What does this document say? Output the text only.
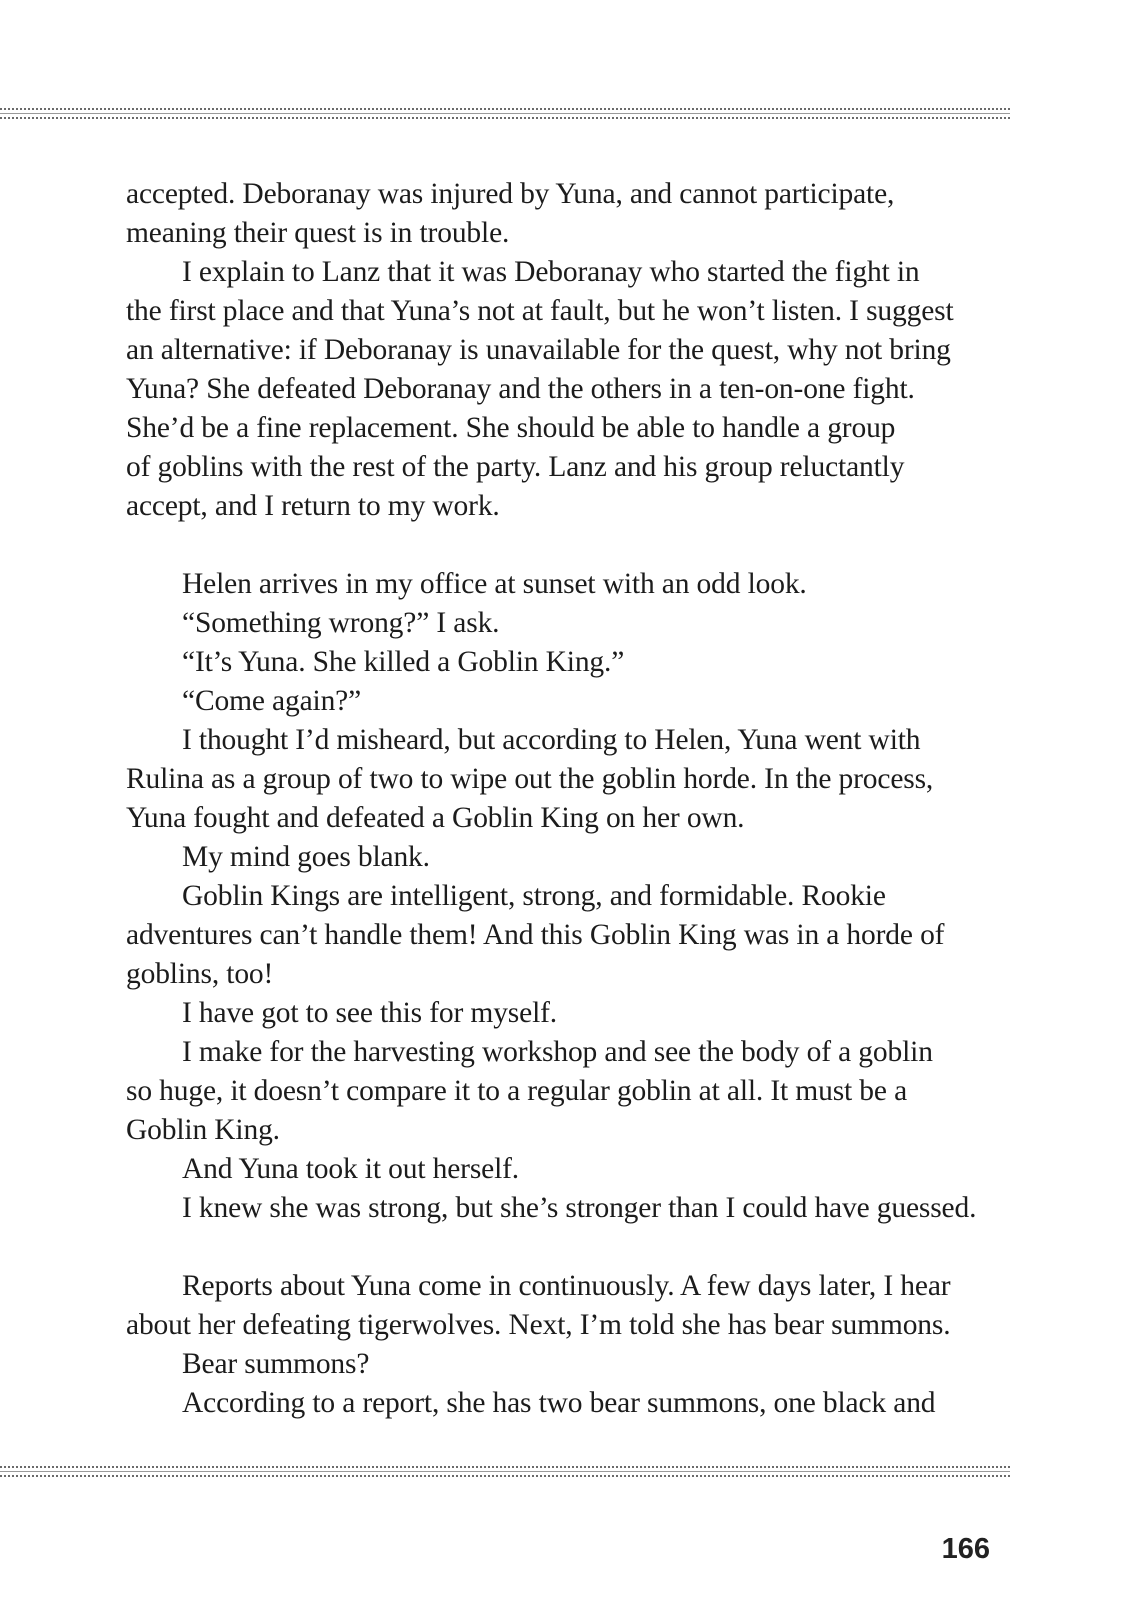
accepted. Deboranay was injured by Yuna, and cannot participate,
meaning their quest is in trouble.
I explain to Lanz that it was Deboranay who started the fight in
the first place and that Yuna’s not at fault, but he won’t listen. I suggest
an alternative: if Deboranay is unavailable for the quest, why not bring
Yuna? She defeated Deboranay and the others in a ten-on-one fight.
She’d be a fine replacement. She should be able to handle a group
of goblins with the rest of the party. Lanz and his group reluctantly
accept, and I return to my work.
Helen arrives in my office at sunset with an odd look.
“Something wrong?” I ask.
“It’s Yuna. She killed a Goblin King.”
“Come again?”
I thought I’d misheard, but according to Helen, Yuna went with
Rulina as a group of two to wipe out the goblin horde. In the process,
Yuna fought and defeated a Goblin King on her own.
My mind goes blank.
Goblin Kings are intelligent, strong, and formidable. Rookie
adventures can’t handle them! And this Goblin King was in a horde of
goblins, too!
I have got to see this for myself.
I make for the harvesting workshop and see the body of a goblin
so huge, it doesn’t compare it to a regular goblin at all. It must be a
Goblin King.
And Yuna took it out herself.
I knew she was strong, but she’s stronger than I could have guessed.
Reports about Yuna come in continuously. A few days later, I hear
about her defeating tigerwolves. Next, I’m told she has bear summons.
Bear summons?
According to a report, she has two bear summons, one black and
166
